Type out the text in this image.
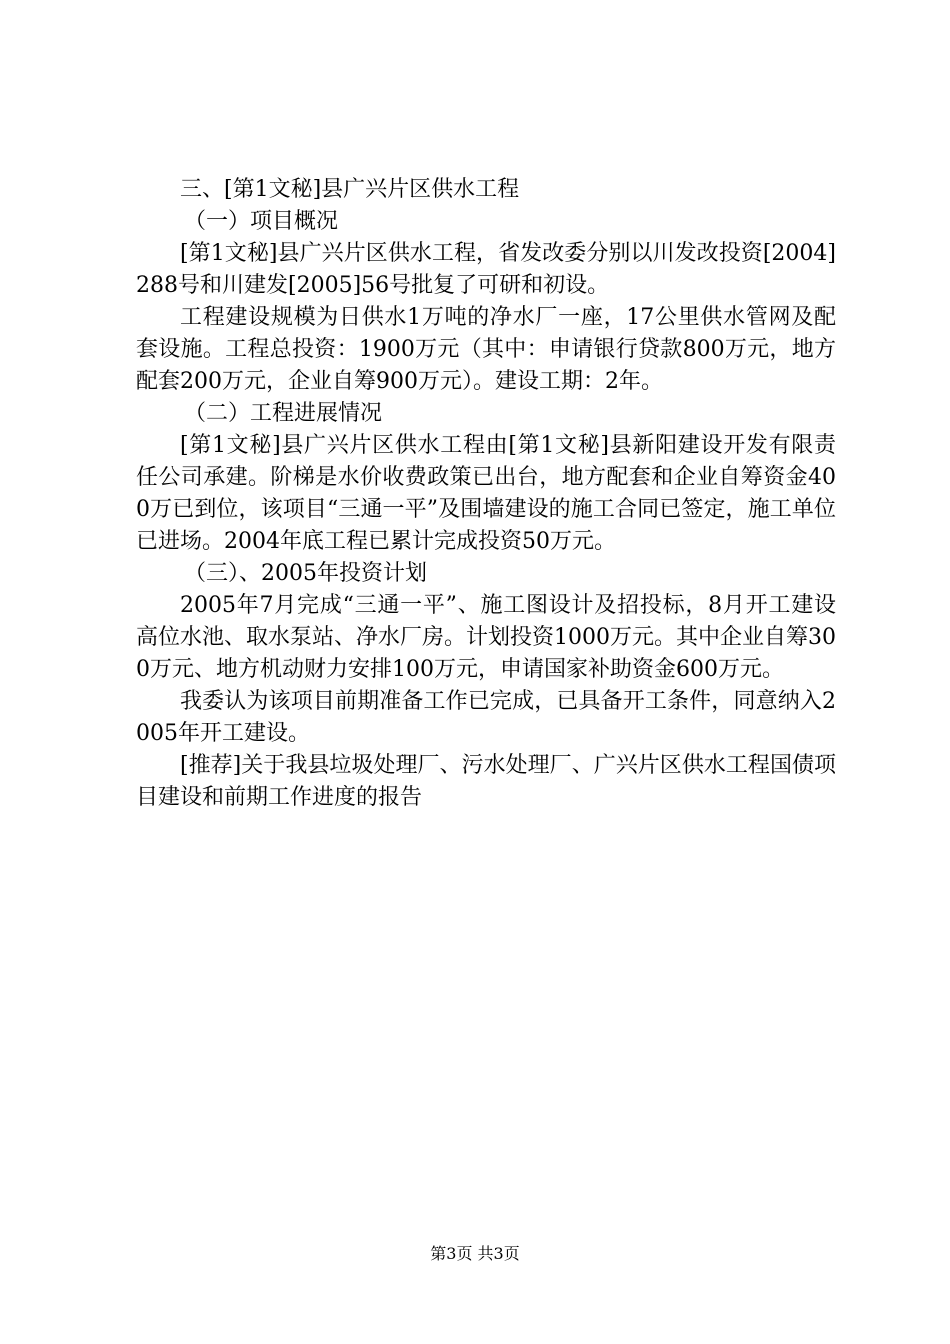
三、[第1文秘]县广兴片区供水工程

（一）项目概况

[第1文秘]县广兴片区供水工程，省发改委分别以川发改投资[2004]288号和川建发[2005]56号批复了可研和初设。

工程建设规模为日供水1万吨的净水厂一座，17公里供水管网及配套设施。工程总投资：1900万元（其中：申请银行贷款800万元，地方配套200万元，企业自筹900万元）。建设工期：2年。

（二）工程进展情况

[第1文秘]县广兴片区供水工程由[第1文秘]县新阳建设开发有限责任公司承建。阶梯是水价收费政策已出台，地方配套和企业自筹资金400万已到位，该项目“三通一平”及围墙建设的施工合同已签定，施工单位已进场。2004年底工程已累计完成投资50万元。

（三）、2005年投资计划

2005年7月完成“三通一平”、施工图设计及招投标，8月开工建设高位水池、取水泵站、净水厂房。计划投资1000万元。其中企业自筹300万元、地方机动财力安排100万元，申请国家补助资金600万元。

我委认为该项目前期准备工作已完成，已具备开工条件，同意纳入2005年开工建设。

[推荐]关于我县垃圾处理厂、污水处理厂、广兴片区供水工程国债项目建设和前期工作进度的报告

第3页 共3页
